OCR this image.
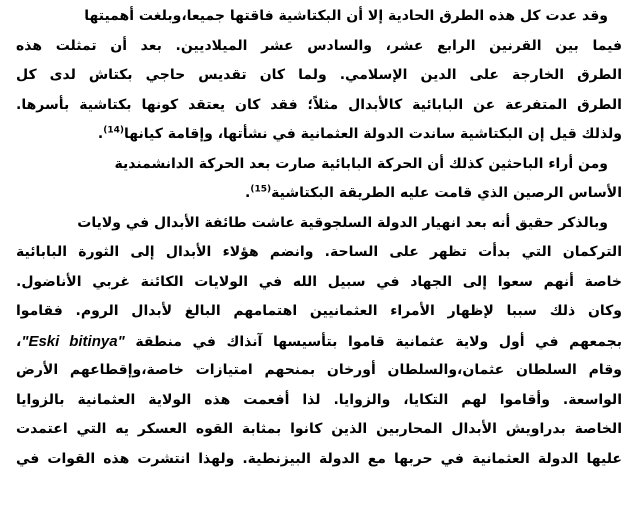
وقد عدت كل هذه الطرق الحادية إلا أن البكتاشية فاقتها جميعا،وبلغت أهميتها
فيما بين القرنين الرابع عشر، والسادس عشر الميلاديين. بعد أن تمثلت هذه
الطرق الخارجة على الدين الإسلامي. ولما كان تقديس حاجي بكتاش لدى كل
الطرق المتفرعة عن البابائية كالأبدال مثلاً؛ فقد كان يعتقد كونها بكتاشية بأسرها.
ولذلك قيل إن البكتاشية ساندت الدولة العثمانية في نشأتها، وإقامة كيانها$^{(14)}$.
ومن أراء الباحثين كذلك أن الحركة البابائية صارت بعد الحركة الدانشمندية
الأساس الرصين الذي قامت عليه الطريقة البكتاشية$^{(15)}$.
وبالذكر حقيق أنه بعد انهيار الدولة السلجوقية عاشت طائفة الأبدال في ولايات
التركمان التي بدأت تظهر على الساحة. وانضم هؤلاء الأبدال إلى الثورة البابائية
خاصة أنهم سعوا إلى الجهاد في سبيل الله في الولايات الكائنة غربي الأناضول.
وكان ذلك سببا لإظهار الأمراء العثمانيين اهتمامهم البالغ لأبدال الروم. فقاموا
بجمعهم في أول ولاية عثمانية قاموا بتأسيسها آنذاك في منطقة "Eski bitinya"،
وقام السلطان عثمان،والسلطان أورخان بمنحهم امتيازات خاصة،وإقطاعهم الأرض
الواسعة. وأقاموا لهم التكايا، والزوايا. لذا أفعمت هذه الولاية العثمانية بالزوايا
الخاصة بدراويش الأبدال المحاربين الذين كانوا بمثابة القوه العسكر يه التي اعتمدت
عليها الدولة العثمانية في حربها مع الدولة البيزنطية. ولهذا انتشرت هذه القوات في
